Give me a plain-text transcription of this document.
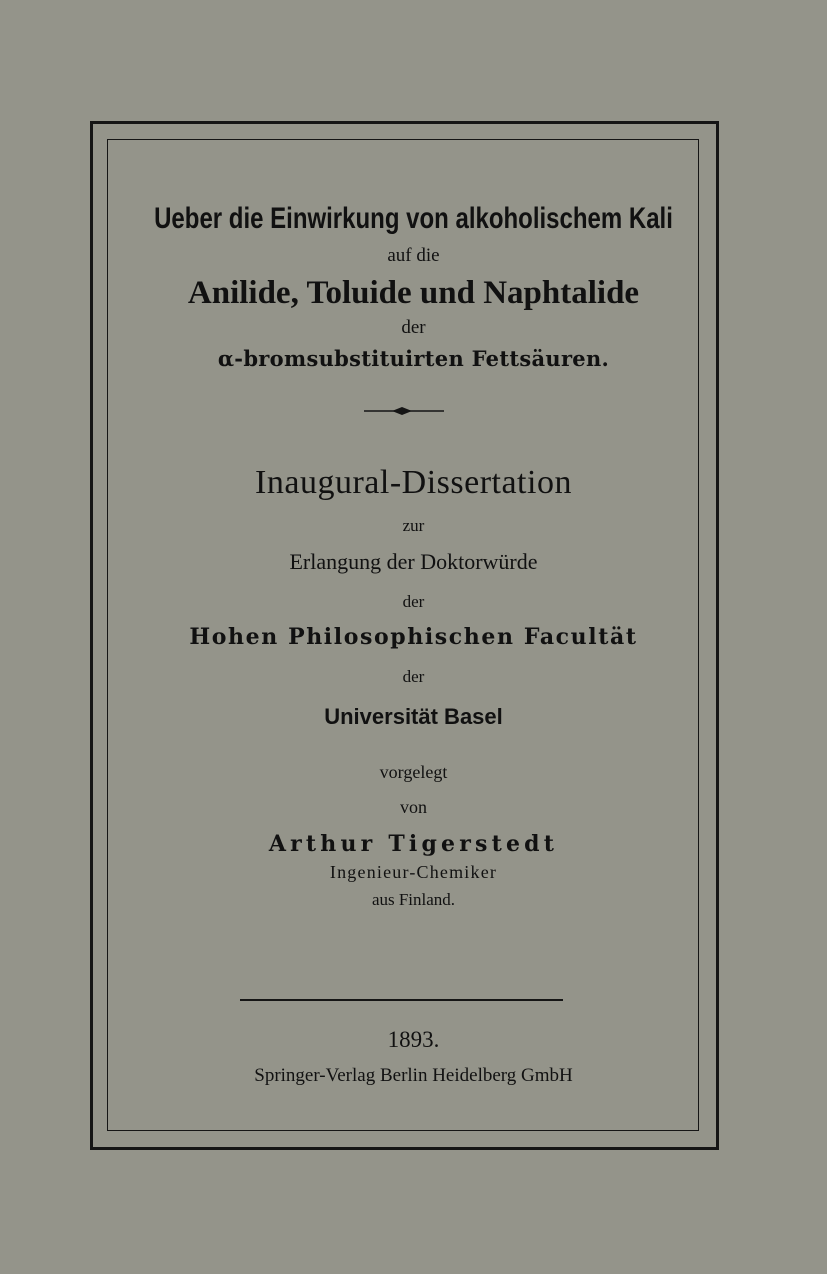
Ueber die Einwirkung von alkoholischem Kali
auf die
Anilide, Toluide und Naphtalide
der
α-bromsubstituirten Fettsäuren.
Inaugural-Dissertation
zur
Erlangung der Doktorwürde
der
Hohen Philosophischen Facultät
der
Universität Basel
vorgelegt
von
Arthur Tigerstedt
Ingenieur-Chemiker
aus Finland.
1893.
Springer-Verlag Berlin Heidelberg GmbH
